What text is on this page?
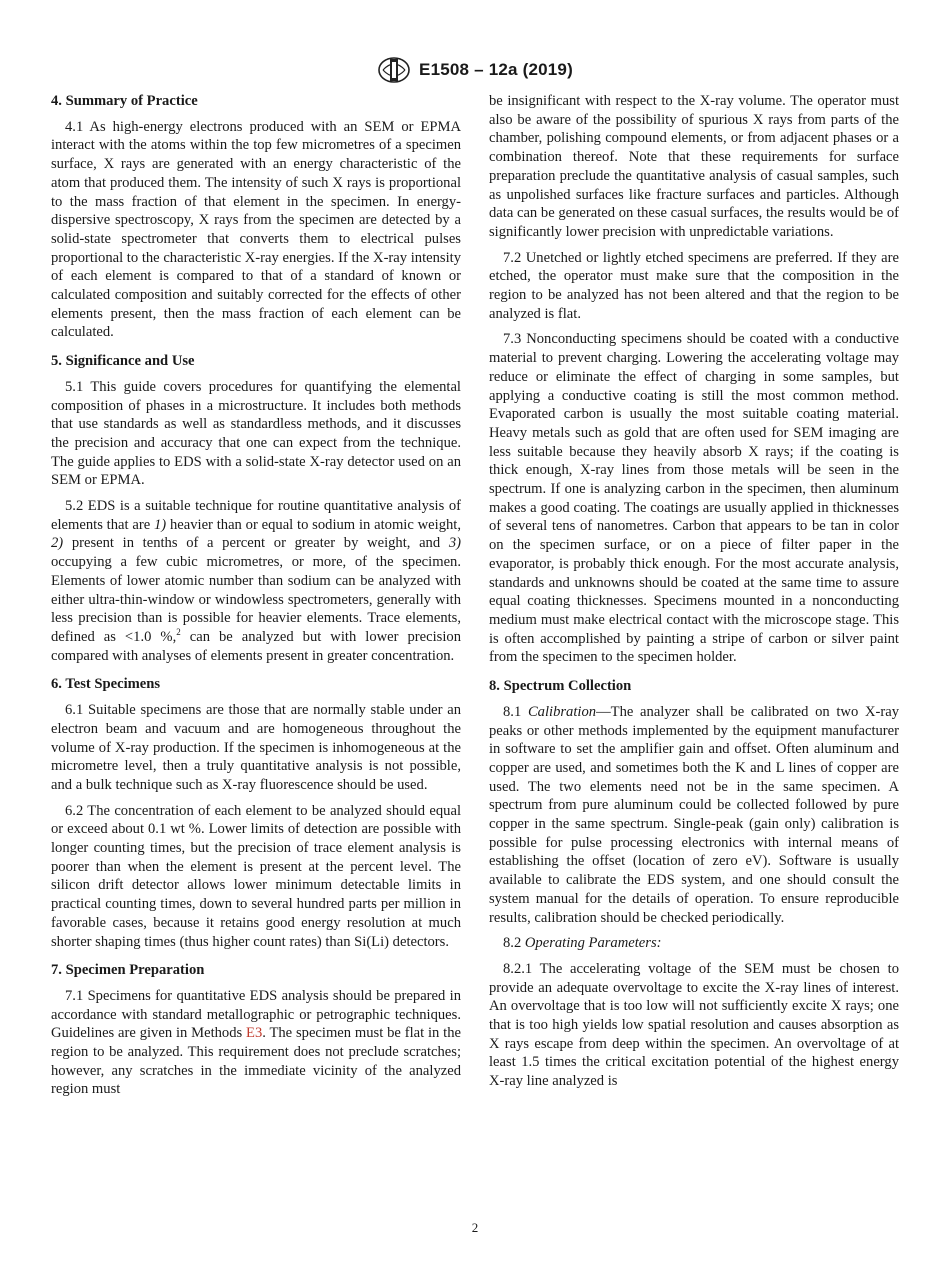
E1508 – 12a (2019)
4. Summary of Practice

4.1 As high-energy electrons produced with an SEM or EPMA interact with the atoms within the top few micrometres of a specimen surface, X rays are generated with an energy characteristic of the atom that produced them. The intensity of such X rays is proportional to the mass fraction of that element in the specimen. In energy-dispersive spectroscopy, X rays from the specimen are detected by a solid-state spectrometer that converts them to electrical pulses proportional to the characteristic X-ray energies. If the X-ray intensity of each element is compared to that of a standard of known or calculated composition and suitably corrected for the effects of other elements present, then the mass fraction of each element can be calculated.

5. Significance and Use

5.1 This guide covers procedures for quantifying the elemental composition of phases in a microstructure. It includes both methods that use standards as well as standardless methods, and it discusses the precision and accuracy that one can expect from the technique. The guide applies to EDS with a solid-state X-ray detector used on an SEM or EPMA.

5.2 EDS is a suitable technique for routine quantitative analysis of elements that are 1) heavier than or equal to sodium in atomic weight, 2) present in tenths of a percent or greater by weight, and 3) occupying a few cubic micrometres, or more, of the specimen. Elements of lower atomic number than sodium can be analyzed with either ultra-thin-window or windowless spectrometers, generally with less precision than is possible for heavier elements. Trace elements, defined as <1.0 %,$^2$ can be analyzed but with lower precision compared with analyses of elements present in greater concentration.

6. Test Specimens

6.1 Suitable specimens are those that are normally stable under an electron beam and vacuum and are homogeneous throughout the volume of X-ray production. If the specimen is inhomogeneous at the micrometre level, then a truly quantitative analysis is not possible, and a bulk technique such as X-ray fluorescence should be used.

6.2 The concentration of each element to be analyzed should equal or exceed about 0.1 wt %. Lower limits of detection are possible with longer counting times, but the precision of trace element analysis is poorer than when the element is present at the percent level. The silicon drift detector allows lower minimum detectable limits in practical counting times, down to several hundred parts per million in favorable cases, because it retains good energy resolution at much shorter shaping times (thus higher count rates) than Si(Li) detectors.

7. Specimen Preparation

7.1 Specimens for quantitative EDS analysis should be prepared in accordance with standard metallographic or petrographic techniques. Guidelines are given in Methods E3. The specimen must be flat in the region to be analyzed. This requirement does not preclude scratches; however, any scratches in the immediate vicinity of the analyzed region must

be insignificant with respect to the X-ray volume. The operator must also be aware of the possibility of spurious X rays from parts of the chamber, polishing compound elements, or from adjacent phases or a combination thereof. Note that these requirements for surface preparation preclude the quantitative analysis of casual samples, such as unpolished surfaces like fracture surfaces and particles. Although data can be generated on these casual surfaces, the results would be of significantly lower precision with unpredictable variations.

7.2 Unetched or lightly etched specimens are preferred. If they are etched, the operator must make sure that the composition in the region to be analyzed has not been altered and that the region to be analyzed is flat.

7.3 Nonconducting specimens should be coated with a conductive material to prevent charging. Lowering the accelerating voltage may reduce or eliminate the effect of charging in some samples, but applying a conductive coating is still the most common method. Evaporated carbon is usually the most suitable coating material. Heavy metals such as gold that are often used for SEM imaging are less suitable because they heavily absorb X rays; if the coating is thick enough, X-ray lines from those metals will be seen in the spectrum. If one is analyzing carbon in the specimen, then aluminum makes a good coating. The coatings are usually applied in thicknesses of several tens of nanometres. Carbon that appears to be tan in color on the specimen surface, or on a piece of filter paper in the evaporator, is probably thick enough. For the most accurate analysis, standards and unknowns should be coated at the same time to assure equal coating thicknesses. Specimens mounted in a nonconducting medium must make electrical contact with the microscope stage. This is often accomplished by painting a stripe of carbon or silver paint from the specimen to the specimen holder.

8. Spectrum Collection

8.1 Calibration—The analyzer shall be calibrated on two X-ray peaks or other methods implemented by the equipment manufacturer in software to set the amplifier gain and offset. Often aluminum and copper are used, and sometimes both the K and L lines of copper are used. The two elements need not be in the same specimen. A spectrum from pure aluminum could be collected followed by pure copper in the same spectrum. Single-peak (gain only) calibration is possible for pulse processing electronics with internal means of establishing the offset (location of zero eV). Software is usually available to calibrate the EDS system, and one should consult the system manual for the details of operation. To ensure reproducible results, calibration should be checked periodically.

8.2 Operating Parameters:

8.2.1 The accelerating voltage of the SEM must be chosen to provide an adequate overvoltage to excite the X-ray lines of interest. An overvoltage that is too low will not sufficiently excite X rays; one that is too high yields low spatial resolution and causes absorption as X rays escape from deep within the specimen. An overvoltage of at least 1.5 times the critical excitation potential of the highest energy X-ray line analyzed is

2
